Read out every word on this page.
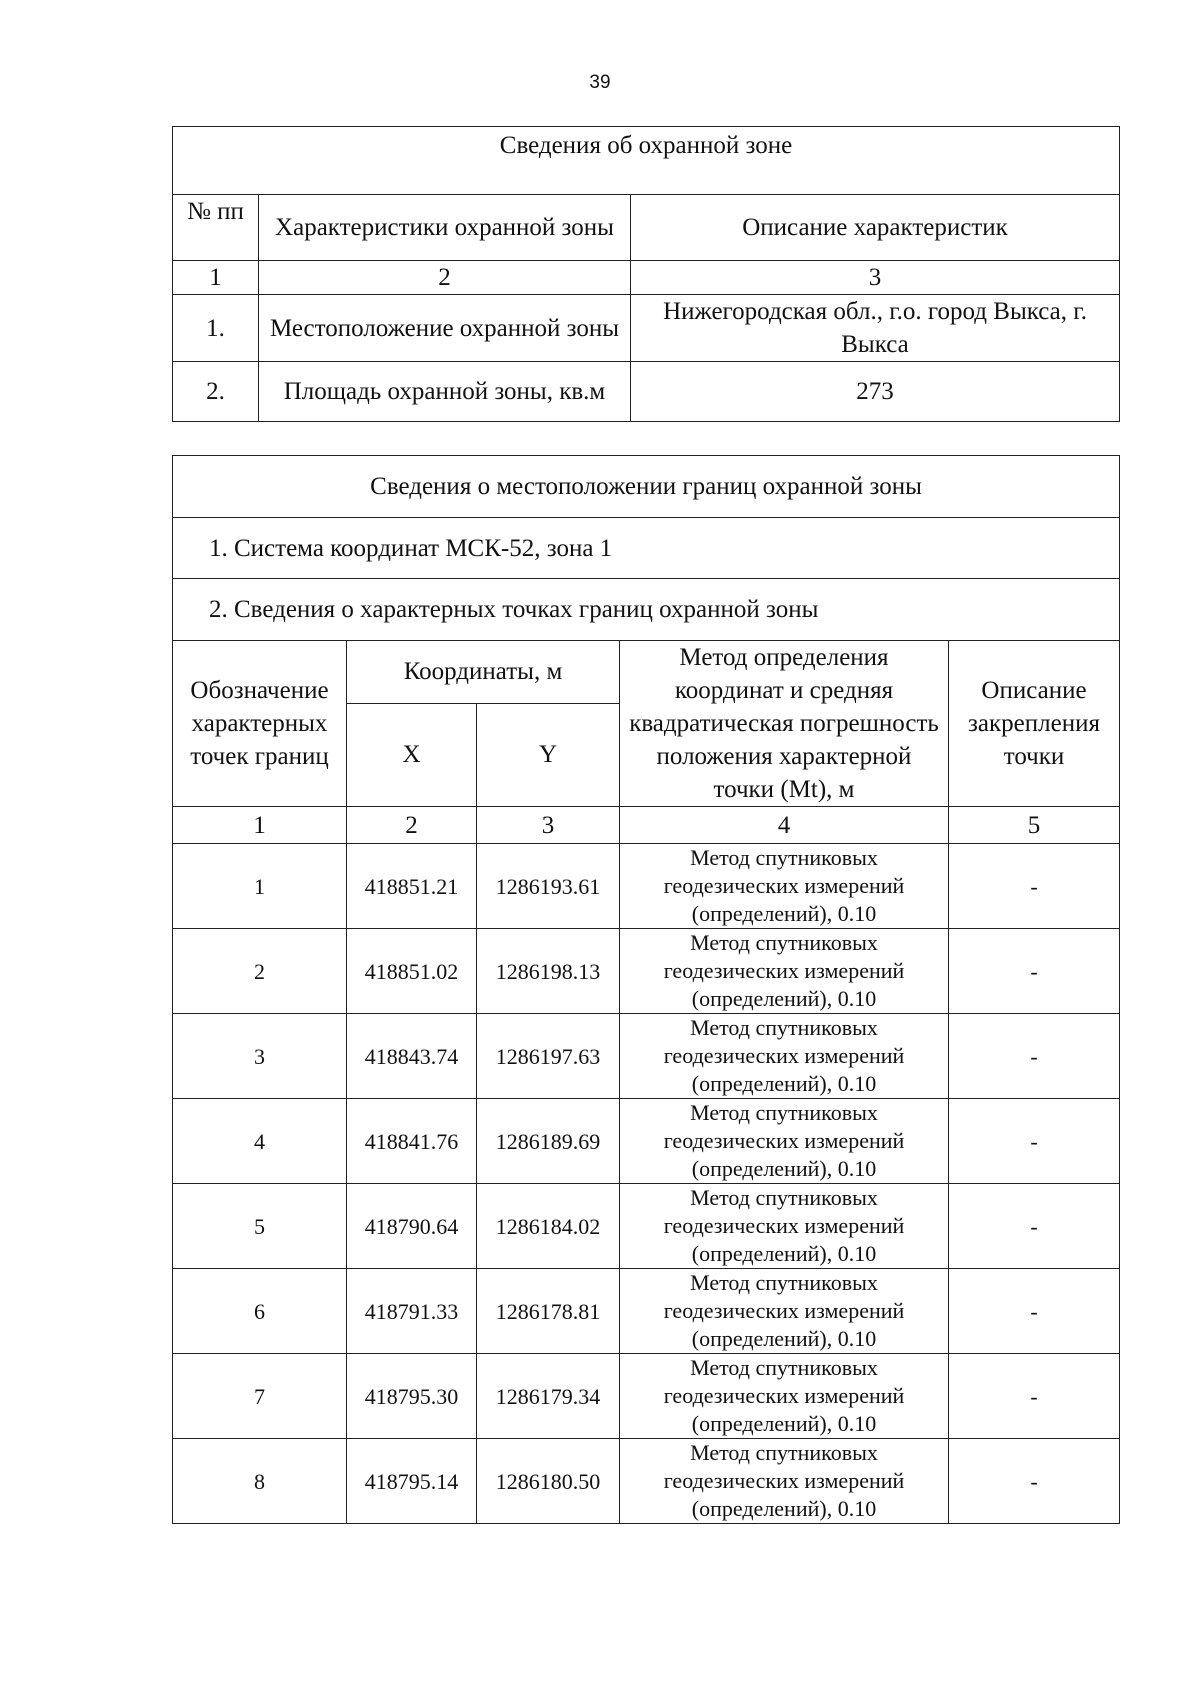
39
Сведения об охранной зоне		
№ пп	Характеристики охранной зоны	Описание характеристик
1	2	3
1.	Местоположение охранной зоны	Нижегородская обл., г.о. город Выкса, г. Выкса
2.	Площадь охранной зоны, кв.м	273
Сведения о местоположении границ охранной зоны				
1. Система координат МСК-52, зона 1				
2. Сведения о характерных точках границ охранной зоны				
Обозначение характерных точек границ	Координаты, м		Метод определения координат и средняя квадратическая погрешность положения характерной точки (Mt), м	Описание закрепления точки
	X	Y		
1	2	3	4	5
1	418851.21	1286193.61	Метод спутниковых геодезических измерений (определений), 0.10	-
2	418851.02	1286198.13	Метод спутниковых геодезических измерений (определений), 0.10	-
3	418843.74	1286197.63	Метод спутниковых геодезических измерений (определений), 0.10	-
4	418841.76	1286189.69	Метод спутниковых геодезических измерений (определений), 0.10	-
5	418790.64	1286184.02	Метод спутниковых геодезических измерений (определений), 0.10	-
6	418791.33	1286178.81	Метод спутниковых геодезических измерений (определений), 0.10	-
7	418795.30	1286179.34	Метод спутниковых геодезических измерений (определений), 0.10	-
8	418795.14	1286180.50	Метод спутниковых геодезических измерений (определений), 0.10	-
